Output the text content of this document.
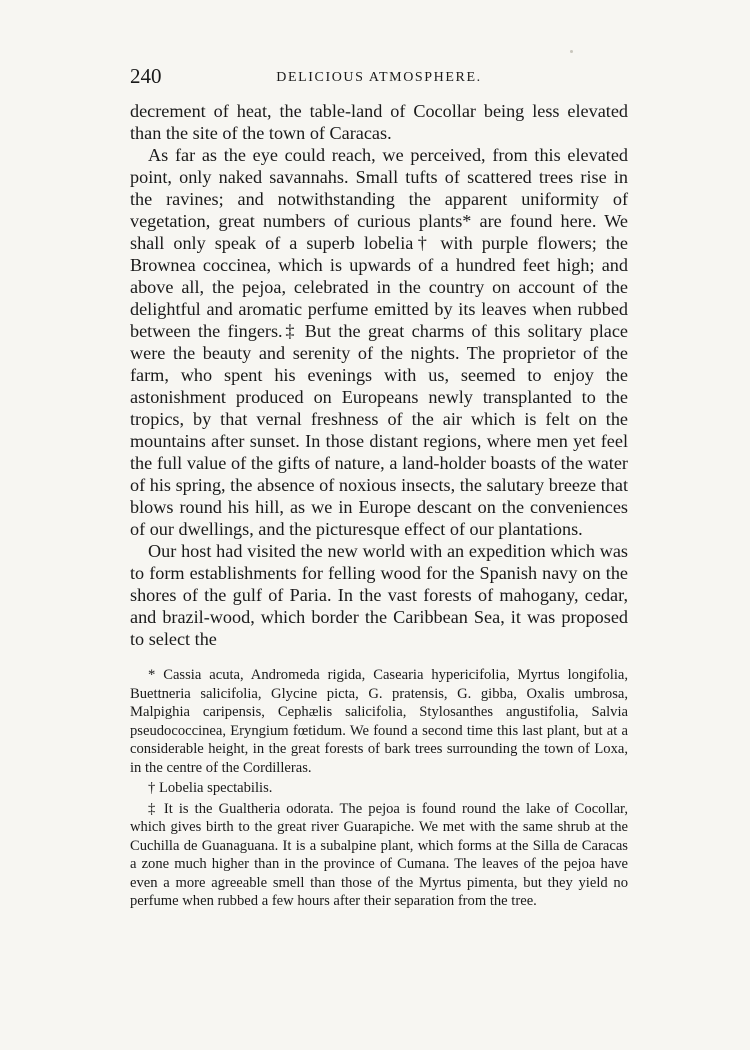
240	DELICIOUS ATMOSPHERE.

decrement of heat, the table-land of Cocollar being less elevated than the site of the town of Caracas.

As far as the eye could reach, we perceived, from this elevated point, only naked savannahs. Small tufts of scattered trees rise in the ravines; and notwithstanding the apparent uniformity of vegetation, great numbers of curious plants* are found here. We shall only speak of a superb lobelia† with purple flowers; the Brownea coccinea, which is upwards of a hundred feet high; and above all, the pejoa, celebrated in the country on account of the delightful and aromatic perfume emitted by its leaves when rubbed between the fingers.‡ But the great charms of this solitary place were the beauty and serenity of the nights. The proprietor of the farm, who spent his evenings with us, seemed to enjoy the astonishment produced on Europeans newly transplanted to the tropics, by that vernal freshness of the air which is felt on the mountains after sunset. In those distant regions, where men yet feel the full value of the gifts of nature, a land-holder boasts of the water of his spring, the absence of noxious insects, the salutary breeze that blows round his hill, as we in Europe descant on the conveniences of our dwellings, and the picturesque effect of our plantations.

Our host had visited the new world with an expedition which was to form establishments for felling wood for the Spanish navy on the shores of the gulf of Paria. In the vast forests of mahogany, cedar, and brazil-wood, which border the Caribbean Sea, it was proposed to select the

* Cassia acuta, Andromeda rigida, Casearia hypericifolia, Myrtus longifolia, Buettneria salicifolia, Glycine picta, G. pratensis, G. gibba, Oxalis umbrosa, Malpighia caripensis, Cephælis salicifolia, Stylosanthes angustifolia, Salvia pseudococcinea, Eryngium fœtidum. We found a second time this last plant, but at a considerable height, in the great forests of bark trees surrounding the town of Loxa, in the centre of the Cordilleras.

† Lobelia spectabilis.

‡ It is the Gualtheria odorata. The pejoa is found round the lake of Cocollar, which gives birth to the great river Guarapiche. We met with the same shrub at the Cuchilla de Guanaguana. It is a subalpine plant, which forms at the Silla de Caracas a zone much higher than in the province of Cumana. The leaves of the pejoa have even a more agreeable smell than those of the Myrtus pimenta, but they yield no perfume when rubbed a few hours after their separation from the tree.
